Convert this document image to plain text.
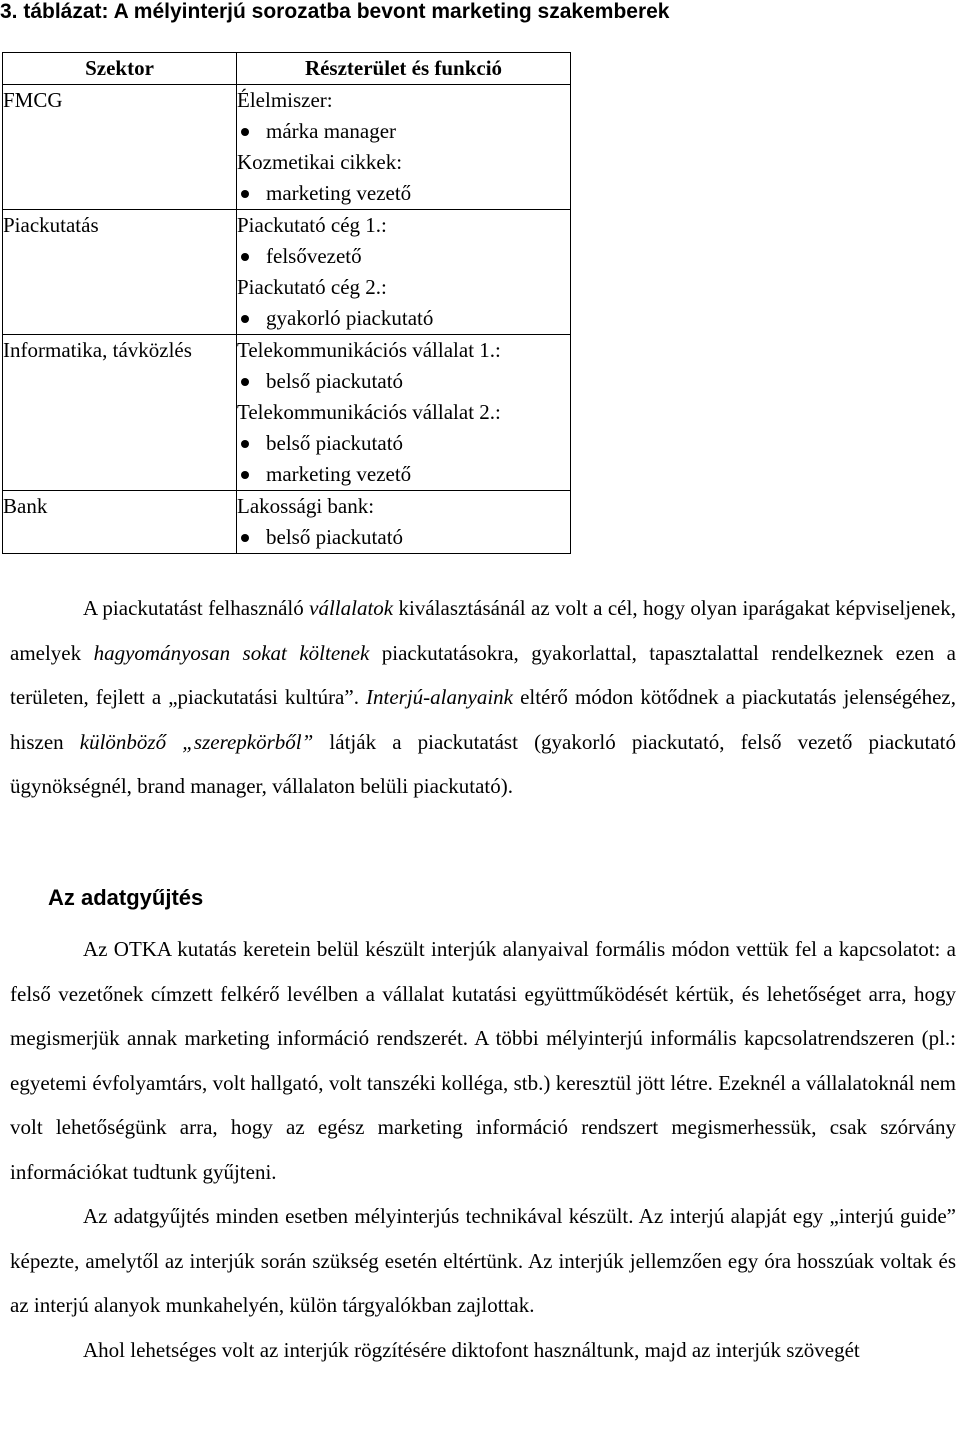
3. táblázat: A mélyinterjú sorozatba bevont marketing szakemberek

Szektor	Részterület és funkció
FMCG	Élelmiszer:
márka manager
Kozmetikai cikkek:
marketing vezető

Piackutatás	Piackutató cég 1.:
felsővezető
Piackutató cég 2.:
gyakorló piackutató

Informatika, távközlés	Telekommunikációs vállalat 1.:
belső piackutató
Telekommunikációs vállalat 2.:
belső piackutató
marketing vezető

Bank	Lakossági bank:
belső piackutató

A piackutatást felhasználó vállalatok kiválasztásánál az volt a cél, hogy olyan iparágakat képviseljenek, amelyek hagyományosan sokat költenek piackutatásokra, gyakorlattal, tapasztalattal rendelkeznek ezen a területen, fejlett a „piackutatási kultúra”. Interjú-alanyaink eltérő módon kötődnek a piackutatás jelenségéhez, hiszen különböző „szerepkörből” látják a piackutatást (gyakorló piackutató, felső vezető piackutató ügynökségnél, brand manager, vállalaton belüli piackutató).

Az adatgyűjtés

Az OTKA kutatás keretein belül készült interjúk alanyaival formális módon vettük fel a kapcsolatot: a felső vezetőnek címzett felkérő levélben a vállalat kutatási együttműködését kértük, és lehetőséget arra, hogy megismerjük annak marketing információ rendszerét. A többi mélyinterjú informális kapcsolatrendszeren (pl.: egyetemi évfolyamtárs, volt hallgató, volt tanszéki kolléga, stb.) keresztül jött létre. Ezeknél a vállalatoknál nem volt lehetőségünk arra, hogy az egész marketing információ rendszert megismerhessük, csak szórvány információkat tudtunk gyűjteni.

Az adatgyűjtés minden esetben mélyinterjús technikával készült. Az interjú alapját egy „interjú guide” képezte, amelytől az interjúk során szükség esetén eltértünk. Az interjúk jellemzően egy óra hosszúak voltak és az interjú alanyok munkahelyén, külön tárgyalókban zajlottak.

Ahol lehetséges volt az interjúk rögzítésére diktofont használtunk, majd az interjúk szövegét
